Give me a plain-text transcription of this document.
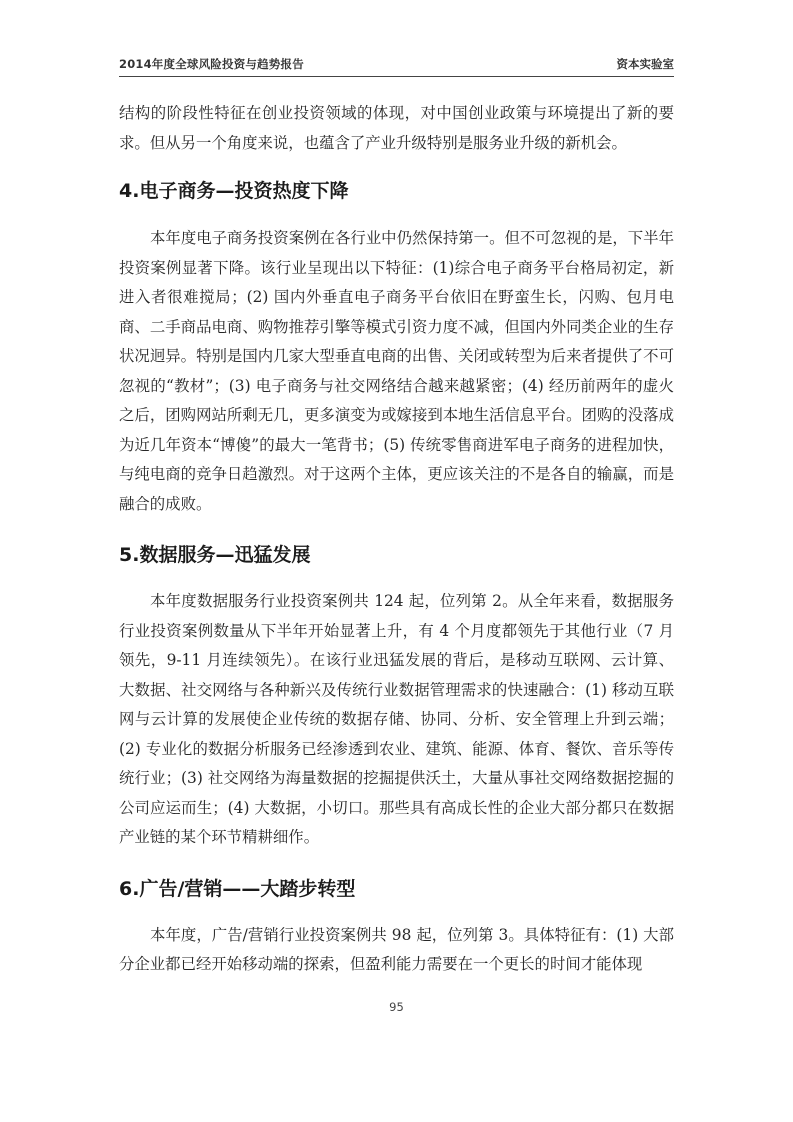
2014年度全球风险投资与趋势报告	资本实验室

结构的阶段性特征在创业投资领域的体现，对中国创业政策与环境提出了新的要求。但从另一个角度来说，也蕴含了产业升级特别是服务业升级的新机会。

4.电子商务—投资热度下降

本年度电子商务投资案例在各行业中仍然保持第一。但不可忽视的是，下半年投资案例显著下降。该行业呈现出以下特征：(1)综合电子商务平台格局初定，新进入者很难搅局；(2) 国内外垂直电子商务平台依旧在野蛮生长，闪购、包月电商、二手商品电商、购物推荐引擎等模式引资力度不减，但国内外同类企业的生存状况迥异。特别是国内几家大型垂直电商的出售、关闭或转型为后来者提供了不可忽视的“教材”；(3) 电子商务与社交网络结合越来越紧密；(4) 经历前两年的虚火之后，团购网站所剩无几，更多演变为或嫁接到本地生活信息平台。团购的没落成为近几年资本“博傻”的最大一笔背书；(5) 传统零售商进军电子商务的进程加快，与纯电商的竞争日趋激烈。对于这两个主体，更应该关注的不是各自的输赢，而是融合的成败。

5.数据服务—迅猛发展

本年度数据服务行业投资案例共 124 起，位列第 2。从全年来看，数据服务行业投资案例数量从下半年开始显著上升，有 4 个月度都领先于其他行业（7 月领先，9-11 月连续领先）。在该行业迅猛发展的背后，是移动互联网、云计算、大数据、社交网络与各种新兴及传统行业数据管理需求的快速融合：(1) 移动互联网与云计算的发展使企业传统的数据存储、协同、分析、安全管理上升到云端；(2) 专业化的数据分析服务已经渗透到农业、建筑、能源、体育、餐饮、音乐等传统行业；(3) 社交网络为海量数据的挖掘提供沃土，大量从事社交网络数据挖掘的公司应运而生；(4) 大数据，小切口。那些具有高成长性的企业大部分都只在数据产业链的某个环节精耕细作。

6.广告/营销——大踏步转型

本年度，广告/营销行业投资案例共 98 起，位列第 3。具体特征有：(1) 大部分企业都已经开始移动端的探索，但盈利能力需要在一个更长的时间才能体现

95
